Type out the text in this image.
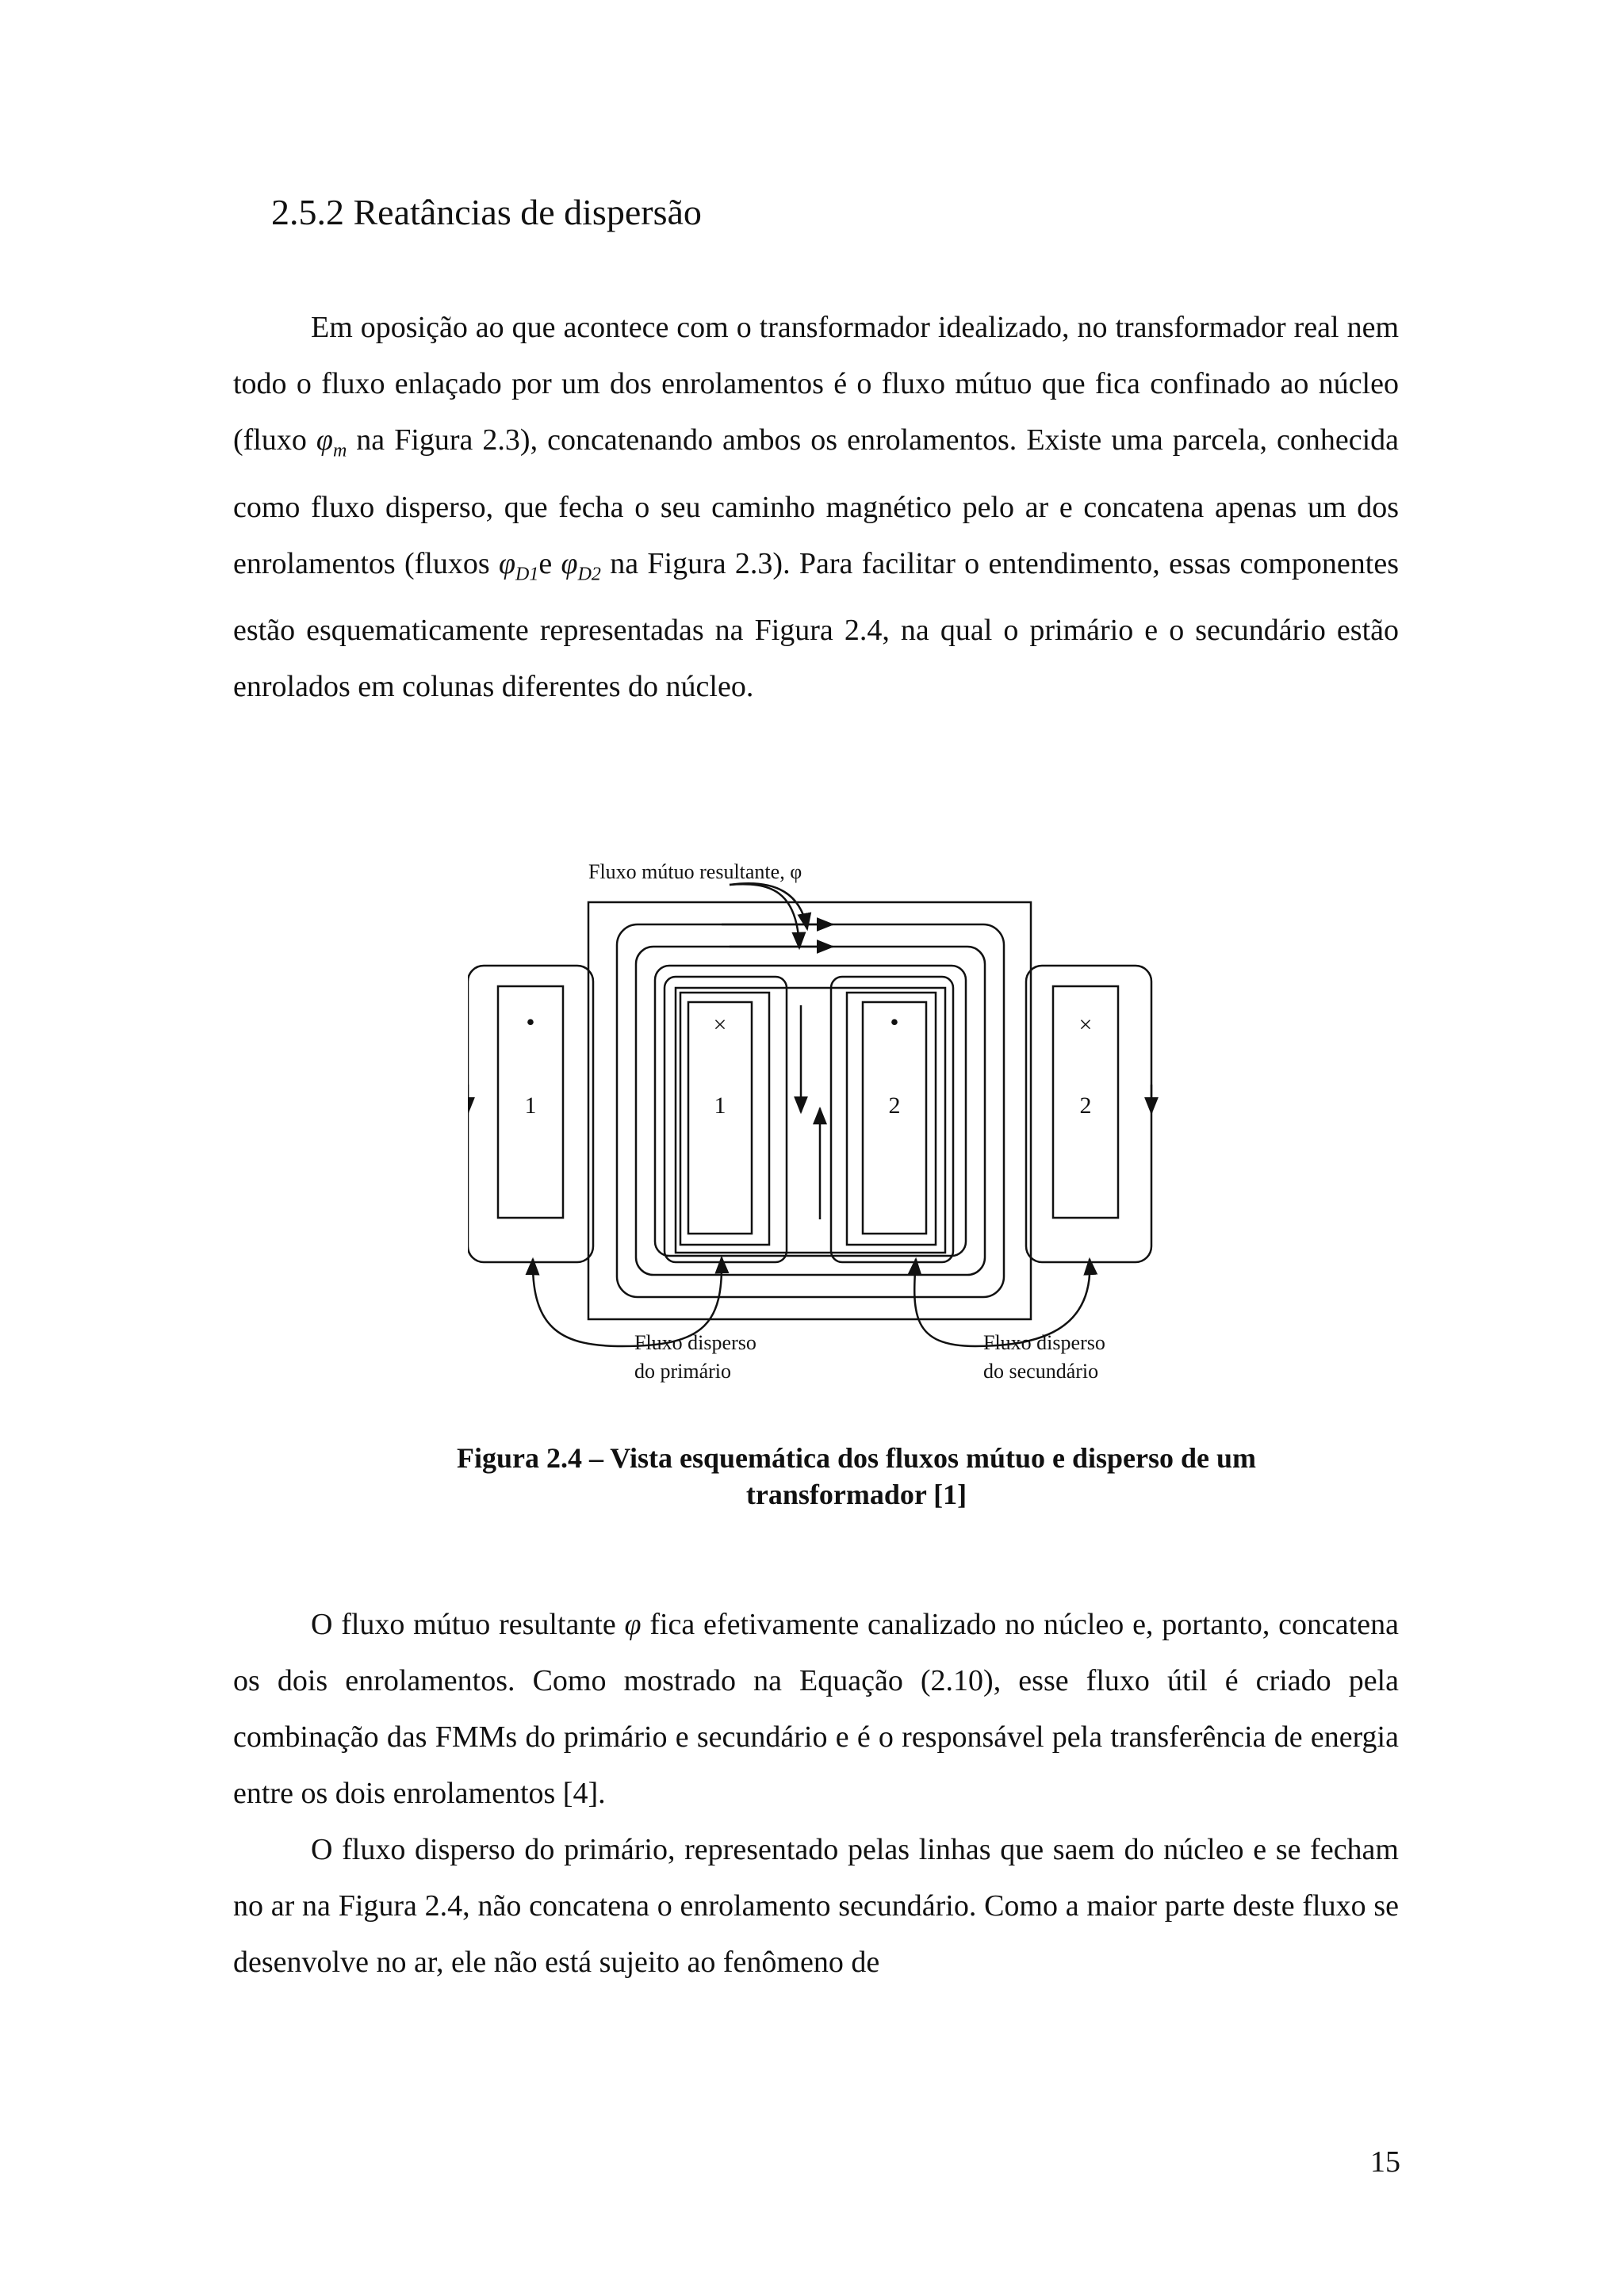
2.5.2 Reatâncias de dispersão

Em oposição ao que acontece com o transformador idealizado, no transformador real nem todo o fluxo enlaçado por um dos enrolamentos é o fluxo mútuo que fica confinado ao núcleo (fluxo $\varphi_m$ na Figura 2.3), concatenando ambos os enrolamentos. Existe uma parcela, conhecida como fluxo disperso, que fecha o seu caminho magnético pelo ar e concatena apenas um dos enrolamentos (fluxos $\varphi_{D1}e$ $\varphi_{D2}$ na Figura 2.3). Para facilitar o entendimento, essas componentes estão esquematicamente representadas na Figura 2.4, na qual o primário e o secundário estão enrolados em colunas diferentes do núcleo.

Fluxo mútuo resultante, φ
Fluxo disperso
do primário
Fluxo disperso
do secundário
•
1
×
1
•
2
×
2
Figura 2.4 – Vista esquemática dos fluxos mútuo e disperso de um
transformador [1]

O fluxo mútuo resultante φ fica efetivamente canalizado no núcleo e, portanto, concatena os dois enrolamentos. Como mostrado na Equação (2.10), esse fluxo útil é criado pela combinação das FMMs do primário e secundário e é o responsável pela transferência de energia entre os dois enrolamentos [4].

O fluxo disperso do primário, representado pelas linhas que saem do núcleo e se fecham no ar na Figura 2.4, não concatena o enrolamento secundário. Como a maior parte deste fluxo se desenvolve no ar, ele não está sujeito ao fenômeno de

15
